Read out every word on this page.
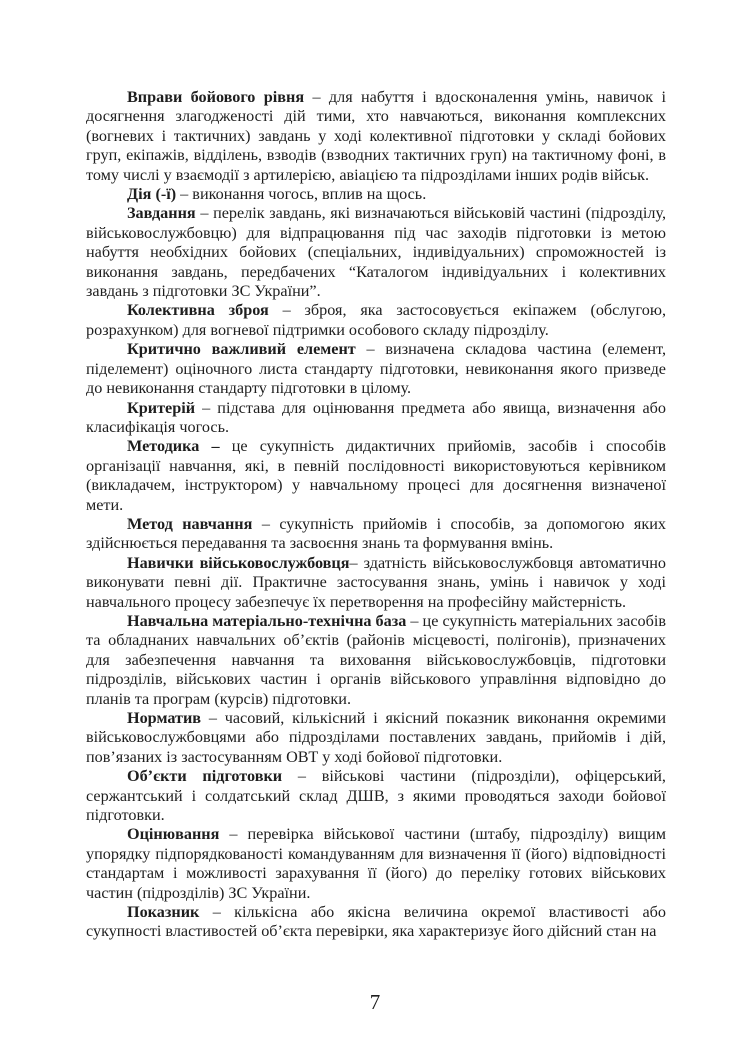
Вправи бойового рівня – для набуття і вдосконалення умінь, навичок і досягнення злагодженості дій тими, хто навчаються, виконання комплексних (вогневих і тактичних) завдань у ході колективної підготовки у складі бойових груп, екіпажів, відділень, взводів (взводних тактичних груп) на тактичному фоні, в тому числі у взаємодії з артилерією, авіацією та підрозділами інших родів військ.

Дія (-ї) – виконання чогось, вплив на щось.

Завдання – перелік завдань, які визначаються військовій частині (підрозділу, військовослужбовцю) для відпрацювання під час заходів підготовки із метою набуття необхідних бойових (спеціальних, індивідуальних) спроможностей із виконання завдань, передбачених “Каталогом індивідуальних і колективних завдань з підготовки ЗС України”.

Колективна зброя – зброя, яка застосовується екіпажем (обслугою, розрахунком) для вогневої підтримки особового складу підрозділу.

Критично важливий елемент – визначена складова частина (елемент, піделемент) оціночного листа стандарту підготовки, невиконання якого призведе до невиконання стандарту підготовки в цілому.

Критерій – підстава для оцінювання предмета або явища, визначення або класифікація чогось.

Методика – це сукупність дидактичних прийомів, засобів і способів організації навчання, які, в певній послідовності використовуються керівником (викладачем, інструктором) у навчальному процесі для досягнення визначеної мети.

Метод навчання – сукупність прийомів і способів, за допомогою яких здійснюється передавання та засвоєння знань та формування вмінь.

Навички військовослужбовця– здатність військовослужбовця автоматично виконувати певні дії. Практичне застосування знань, умінь і навичок у ході навчального процесу забезпечує їх перетворення на професійну майстерність.

Навчальна матеріально-технічна база – це сукупність матеріальних засобів та обладнаних навчальних об’єктів (районів місцевості, полігонів), призначених для забезпечення навчання та виховання військовослужбовців, підготовки підрозділів, військових частин і органів військового управління відповідно до планів та програм (курсів) підготовки.

Норматив – часовий, кількісний і якісний показник виконання окремими військовослужбовцями або підрозділами поставлених завдань, прийомів і дій, пов’язаних із застосуванням ОВТ у ході бойової підготовки.

Об’єкти підготовки – військові частини (підрозділи), офіцерський, сержантський і солдатський склад ДШВ, з якими проводяться заходи бойової підготовки.

Оцінювання – перевірка військової частини (штабу, підрозділу) вищим упорядку підпорядкованості командуванням для визначення її (його) відповідності стандартам і можливості зарахування її (його) до переліку готових військових частин (підрозділів) ЗС України.

Показник – кількісна або якісна величина окремої властивості або сукупності властивостей об’єкта перевірки, яка характеризує його дійсний стан на

7
